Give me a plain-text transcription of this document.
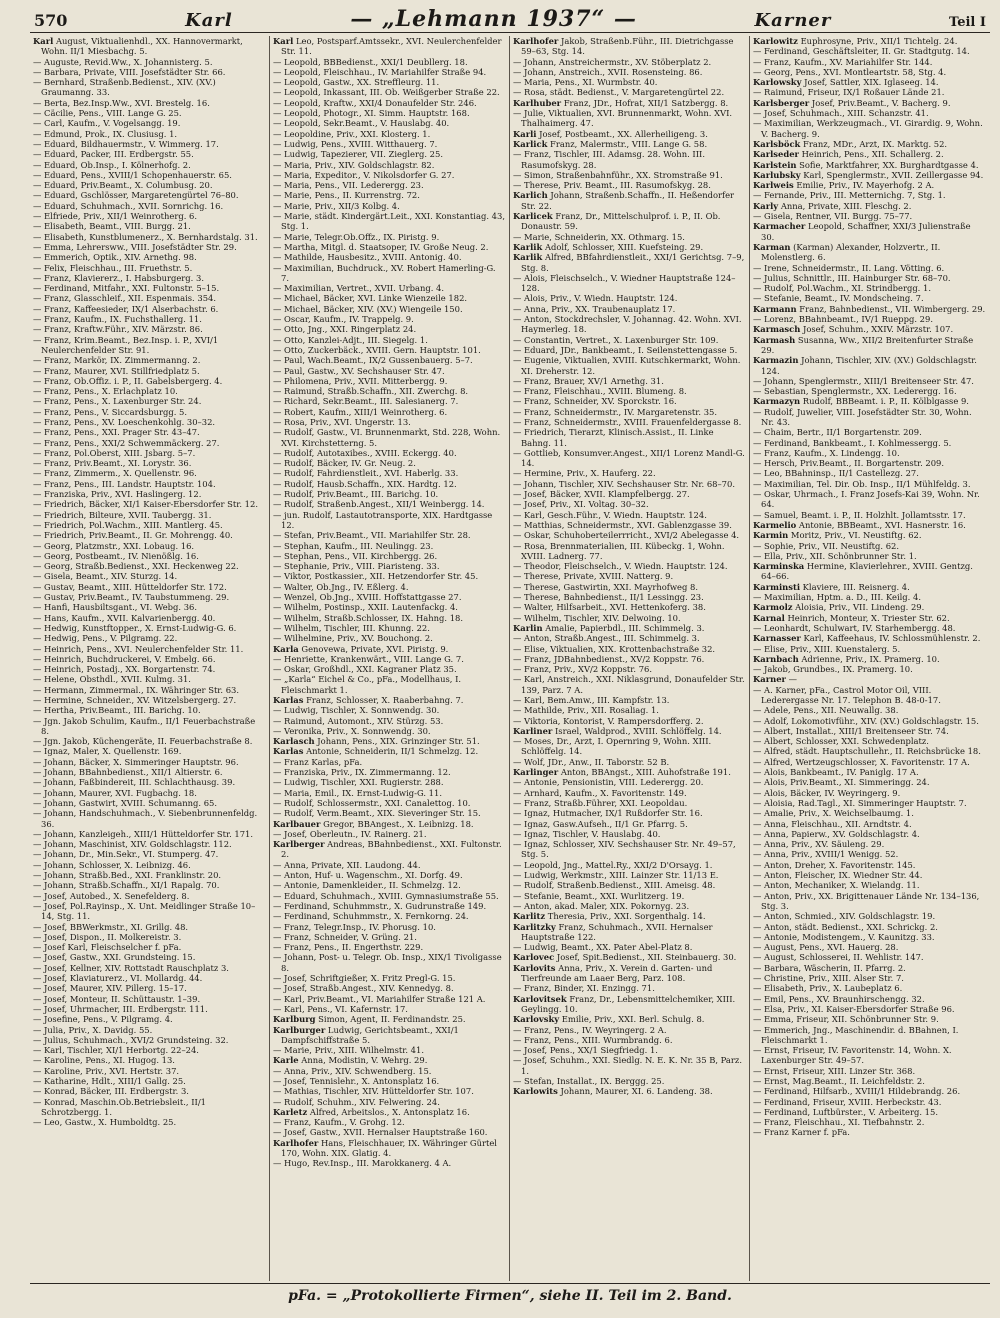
570	Karl	— „Lehmann 1937“ —	Karner	Teil I

Karl August, Viktualienhdl., XX. Hannovermarkt, Wohn. II/1 Miesbachg. 5.

— Auguste, Revid.Ww., X. Johannisterg. 5.

— Barbara, Private, VIII. Josefstädter Str. 66.

— Bernhard, Straßenb.Bedienst., XIV. (XV.) Graumanng. 33.

— Berta, Bez.Insp.Ww., XVI. Brestelg. 16.

— Cäcilie, Pens., VIII. Lange G. 25.

— Carl, Kaufm., V. Vogelsangg. 19.

— Edmund, Prok., IX. Clusiusg. 1.

— Eduard, Bildhauermstr., V. Wimmerg. 17.

— Eduard, Packer, III. Erdbergstr. 55.

— Eduard, Ob.Insp., I. Kölnerhofg. 2.

— Eduard, Pens., XVIII/1 Schopenhauerstr. 65.

— Eduard, Priv.Beamt., X. Columbusg. 20.

— Eduard, Gschlösser, Margaretengürtel 76–80.

— Eduard, Schuhmach., XVII. Sornrichg. 16.

— Elfriede, Priv., XII/1 Weinrotherg. 6.

— Elisabeth, Beamt., VIII. Burgg. 21.

— Elisabeth, Kunstblumenerz., X. Bernhardstalg. 31.

— Emma, Lehrersww., VIII. Josefstädter Str. 29.

— Emmerich, Optik., XIV. Arnethg. 98.

— Felix, Fleischhau., III. Fruethstr. 5.

— Franz, Klaviererz., I. Habsburgerg. 3.

— Ferdinand, Mitfahr., XXI. Fultonstr. 5–15.

— Franz, Glasschleif., XII. Espenmais. 354.

— Franz, Kaffeesieder, IX/1 Alserbachstr. 6.

— Franz, Kaufm., IX. Fuchsthallerg. 11.

— Franz, Kraftw.Führ., XIV. Märzstr. 86.

— Franz, Krim.Beamt., Bez.Insp. i. P., XVI/1 Neulerchenfelder Str. 91.

— Franz, Markör, IX. Zimmermanng. 2.

— Franz, Maurer, XVI. Stillfriedplatz 5.

— Franz, Ob.Offiz. i. P., II. Gabelsbergerg. 4.

— Franz, Pens., X. Erlachplatz 10.

— Franz, Pens., X. Laxenburger Str. 24.

— Franz, Pens., V. Siccardsburgg. 5.

— Franz, Pens., XV. Loeschenkohlg. 30–32.

— Franz, Pens., XXI. Prager Str. 43–47.

— Franz, Pens., XXI/2 Schwemmäckerg. 27.

— Franz, Pol.Oberst, XIII. Jsbarg. 5–7.

— Franz, Priv.Beamt., XI. Lorystr. 36.

— Franz, Zimmerm., X. Quellenstr. 96.

— Franz, Pens., III. Landstr. Hauptstr. 104.

— Franziska, Priv., XVI. Haslingerg. 12.

— Friedrich, Bäcker, XI/1 Kaiser-Ebersdorfer Str. 12.

— Friedrich, Bilteure, XVII. Taubergg. 31.

— Friedrich, Pol.Wachm., XIII. Mantlerg. 45.

— Friedrich, Priv.Beamt., II. Gr. Mohrengg. 40.

— Georg, Platzmstr., XXI. Lobaug. 16.

— Georg, Postbeamt., IV. Nienößlg. 16.

— Georg, Straßb.Bedienst., XXI. Heckenweg 22.

— Gisela, Beamt., XIV. Sturzg. 14.

— Gustav, Beamt., XIII. Hütteldorfer Str. 172.

— Gustav, Priv.Beamt., IV. Taubstummeng. 29.

— Hanfi, Hausbiltsgant., VI. Webg. 36.

— Hans, Kaufm., XVII. Kalvarienbergg. 40.

— Hedwig, Kunstftopper., X. Ernst-Ludwig-G. 6.

— Hedwig, Pens., V. Pilgramg. 22.

— Heinrich, Pens., XVI. Neulerchenfelder Str. 11.

— Heinrich, Buchdruckerei, V. Embelg. 66.

— Heinrich, Postadj., XX. Borgartenstr. 74.

— Helene, Obsthdl., XVII. Kulmg. 31.

— Hermann, Zimmermal., IX. Währinger Str. 63.

— Hermine, Schneider., XV. Witzelsbergerg. 27.

— Hertha, Priv.Beamt., III. Barichg. 10.

— Jgn. Jakob Schulim, Kaufm., II/1 Feuerbachstraße 8.

— Jgn. Jakob, Küchengeräte, II. Feuerbachstraße 8.

— Ignaz, Maler, X. Quellenstr. 169.

— Johann, Bäcker, X. Simmeringer Hauptstr. 96.

— Johann, BBahnbedienst., XII/1 Altierstr. 6.

— Johann, Faßbindereit, III. Schlachthausg. 39.

— Johann, Maurer, XVI. Fugbachg. 18.

— Johann, Gastwirt, XVIII. Schumanng. 65.

— Johann, Handschuhmach., V. Siebenbrunnenfeldg. 36.

— Johann, Kanzleigeh., XIII/1 Hütteldorfer Str. 171.

— Johann, Maschinist, XIV. Goldschlagstr. 112.

— Johann, Dr., Min.Sekr., VI. Stumperg. 47.

— Johann, Schlosser, X. Leibnizg. 46.

— Johann, Straßb.Bed., XXI. Franklinstr. 20.

— Johann, Straßb.Schaffn., XI/1 Rapalg. 70.

— Josef, Autobed., X. Senefelderg. 8.

— Josef, Pol.Rayinsp., X. Unt. Meidlinger Straße 10–14, Stg. 11.

— Josef, BBWerkmstr., XI. Grillg. 48.

— Josef, Dispon., II. Molkereistr. 3.

— Josef Karl, Fleischselcher f. pFa.

— Josef, Gastw., XXI. Grundsteing. 15.

— Josef, Kellner, XIV. Rottstadt Rauschplatz 3.

— Josef, Klaviaturerz., VI. Mollardg. 44.

— Josef, Maurer, XIV. Pillerg. 15–17.

— Josef, Monteur, II. Schüttaustr. 1–39.

— Josef, Uhrmacher, III. Erdbergstr. 111.

— Josefine, Pens., V. Pilgramg. 4.

— Julia, Priv., X. Davidg. 55.

— Julius, Schuhmach., XVI/2 Grundsteing. 32.

— Karl, Tischler, XI/1 Herbortg. 22–24.

— Karoline, Pens., XI. Hugog. 13.

— Karoline, Priv., XVI. Hertstr. 37.

— Katharine, Hdlt., XIII/1 Gallg. 25.

— Konrad, Bäcker, III. Erdbergstr. 3.

— Konrad, Maschin.Ob.Betriebsleit., II/1 Schrotzbergg. 1.

— Leo, Gastw., X. Humboldtg. 25.

Karl Leo, Postsparf.Amtssekr., XVI. Neulerchenfelder Str. 11.

— Leopold, BBBedienst., XXI/1 Deubllerg. 18.

— Leopold, Fleischhau., IV. Mariahilfer Straße 94.

— Leopold, Gastw., XX. Streffleurg. 11.

— Leopold, Inkassant, III. Ob. Weißgerber Straße 22.

— Leopold, Kraftw., XXI/4 Donaufelder Str. 246.

— Leopold, Photogr., XI. Simm. Hauptstr. 168.

— Leopold, Sekr.Beamt., V. Hauslabg. 40.

— Leopoldine, Priv., XXI. Klosterg. 1.

— Ludwig, Pens., XVIII. Witthauerg. 7.

— Ludwig, Tapezierer, VII. Zieglerg. 25.

— Maria, Priv., XIV. Goldschlagstr. 82.

— Maria, Expeditor., V. Nikolsdorfer G. 27.

— Maria, Pens., VII. Lederergg. 23.

— Marie, Pens., II. Kurrenstrg. 72.

— Marie, Priv., XII/3 Kolbg. 4.

— Marie, städt. Kindergärt.Leit., XXI. Konstantiag. 43, Stg. 1.

— Marie, Telegr.Ob.Offz., IX. Piristg. 9.

— Martha, Mitgl. d. Staatsoper, IV. Große Neug. 2.

— Mathilde, Hausbesitz., XVIII. Antonig. 40.

— Maximilian, Buchdruck., XV. Robert Hamerling-G. 7.

— Maximilian, Vertret., XVII. Urbang. 4.

— Michael, Bäcker, XVI. Linke Wienzeile 182.

— Michael, Bäcker, XIV. (XV.) Wiengeile 150.

— Oscar, Kaufm., IV. Trappelg. 9.

— Otto, Jng., XXI. Ringerplatz 24.

— Otto, Kanzlei-Adjt., III. Siegelg. 1.

— Otto, Zuckerbäck., XVIII. Gern. Hauptstr. 101.

— Paul, Wach.Beamt., IX/2 Gussenbauerg. 5–7.

— Paul, Gastw., XV. Sechshauser Str. 47.

— Philomena, Priv., XVII. Mitterbergg. 9.

— Raimund, Straßb.Schaffn., XII. Zwerchg. 8.

— Richard, Sekr.Beamt., III. Salesianerg. 7.

— Robert, Kaufm., XIII/1 Weinrotherg. 6.

— Rosa, Priv., XVI. Ungerstr. 13.

— Rudolf, Gastw., VI. Brunnenmarkt, Std. 228, Wohn. XVI. Kirchstetterng. 5.

— Rudolf, Autotaxibes., XVIII. Eckergg. 40.

— Rudolf, Bäcker, IV. Gr. Neug. 2.

— Rudolf, Fahrdienstleit., XVI. Haberlg. 33.

— Rudolf, Hausb.Schaffn., XIX. Hardtg. 12.

— Rudolf, Priv.Beamt., III. Barichg. 10.

— Rudolf, Straßenb.Angest., XII/1 Weinbergg. 14.

— jun. Rudolf, Lastautotransporte, XIX. Hardtgasse 12.

— Stefan, Priv.Beamt., VII. Mariahilfer Str. 28.

— Stephan, Kaufm., III. Neulingg. 23.

— Stephan, Pens., VII. Kirchbergg. 26.

— Stephanie, Priv., VIII. Piaristeng. 33.

— Viktor, Postkassier., XII. Hetzendorfer Str. 45.

— Walter, Ob.Jng., IV. Eßlerg. 4.

— Wenzel, Ob.Jng., XVIII. Hoffstattgasse 27.

— Wilhelm, Postinsp., XXII. Lautenfackg. 4.

— Wilhelm, Straßb.Schlosser, IX. Hahng. 18.

— Wilhelm, Tischler, III. Khunng. 22.

— Wilhelmine, Priv., XV. Bouchong. 2.

Karla Genovewa, Private, XVI. Piristg. 9.

— Henriette, Krankenwärt., VIII. Lange G. 7.

— Oskar, Großhdl., XXI. Kagraner Platz 35.

— „Karla“ Eichel & Co., pFa., Modellhaus, I. Fleischmarkt 1.

Karlas Franz, Schlosser, X. Raaberbahng. 7.

— Ludwig, Tischler, X. Sonnwendg. 30.

— Raimund, Automont., XIV. Stürzg. 53.

— Veronika, Priv., X. Sonnwendg. 30.

Karlasch Johann, Pens., XIX. Grinzinger Str. 51.

Karlas Antonie, Schneiderin, II/1 Schmelzg. 12.

— Franz Karlas, pFa.

— Franziska, Priv., IX. Zimmermanng. 12.

— Ludwig, Tischler, XXI. Rugierstr. 288.

— Maria, Emil., IX. Ernst-Ludwig-G. 11.

— Rudolf, Schlossermstr., XXI. Canalettog. 10.

— Rudolf, Verm.Beamt., XIX. Sieveringer Str. 15.

Karlbauer Gregor, BBAngest., X. Leibnizg. 18.

— Josef, Oberleutn., IV. Rainerg. 21.

Karlberger Andreas, BBahnbedienst., XXI. Fultonstr. 2.

— Anna, Private, XII. Laudong. 44.

— Anton, Huf- u. Wagenschm., XI. Dorfg. 49.

— Antonie, Damenkleider., II. Schmelzg. 12.

— Eduard, Schuhmach., XVIII. Gymnasiumstraße 55.

— Ferdinand, Schuhmmstr., X. Gudrunstraße 149.

— Ferdinand, Schuhmmstr., X. Fernkorng. 24.

— Franz, Telegr.Insp., IV. Phorusg. 10.

— Franz, Schneider, V. Grüng. 21.

— Franz, Pens., II. Engerthstr. 229.

— Johann, Post- u. Telegr. Ob. Insp., XIX/1 Tivoligasse 8.

— Josef, Schriftgießer, X. Fritz Pregl-G. 15.

— Josef, Straßb.Angest., XIV. Kennedyg. 8.

— Karl, Priv.Beamt., VI. Mariahilfer Straße 121 A.

— Karl, Pens., VI. Kafernstr. 17.

Karlburg Simon, Agent, II. Ferdinandstr. 25.

Karlburger Ludwig, Gerichtsbeamt., XXI/1 Dampfschiffstraße 5.

— Marie, Priv., XIII. Wilhelmstr. 41.

Karle Anna, Modistin, V. Wehrg. 29.

— Anna, Priv., XIV. Schwendberg. 15.

— Josef, Tennislehr., X. Antonsplatz 16.

— Mathias, Tischler, XIV. Hütteldorfer Str. 107.

— Rudolf, Schuhm., XIV. Felwering. 24.

Karletz Alfred, Arbeitslos., X. Antonsplatz 16.

— Franz, Kaufm., V. Grohg. 12.

— Josef, Gastw., XVII. Hernalser Hauptstraße 160.

Karlhofer Hans, Fleischhauer, IX. Währinger Gürtel 170, Wohn. XIX. Glatig. 4.

— Hugo, Rev.Insp., III. Marokkanerg. 4 A.

Karlhofer Jakob, Straßenb.Führ., III. Dietrichgasse 59–63, Stg. 14.

— Johann, Anstreichermstr., XV. Stöberplatz 2.

— Johann, Anstreich., XVII. Rosensteing. 86.

— Maria, Pens., XI. Wurmbstr. 40.

— Rosa, städt. Bedienst., V. Margaretengürtel 22.

Karlhuber Franz, JDr., Hofrat, XII/1 Satzbergg. 8.

— Julie, Viktualien, XVI. Brunnenmarkt, Wohn. XVI. Thalhaimerg. 47.

Karli Josef, Postbeamt., XX. Allerheiligeng. 3.

Karlick Franz, Malermstr., VIII. Lange G. 58.

— Franz, Tischler, III. Adamsg. 28. Wohn. III. Rasumofskyg. 28.

— Simon, Straßenbahnführ., XX. Stromstraße 91.

— Therese, Priv. Beamt., III. Rasumofskyg. 28.

Karlich Johann, Straßenb.Schaffn., II. Heßendorfer Str. 22.

Karlicek Franz, Dr., Mittelschulprof. i. P., II. Ob. Donaustr. 59.

— Marie, Schneiderin, XX. Othmarg. 15.

Karlik Adolf, Schlosser, XIII. Kuefsteing. 29.

Karlik Alfred, BBfahrdienstleit., XXI/1 Gerichtsg. 7–9, Stg. 8.

— Alois, Fleischselch., V. Wiedner Hauptstraße 124–128.

— Alois, Priv., V. Wiedn. Hauptstr. 124.

— Anna, Priv., XX. Traubenauplatz 17.

— Anton, Stockdrechsler, V. Johannag. 42. Wohn. XVI. Haymerleg. 18.

— Constantin, Vertret., X. Laxenburger Str. 109.

— Eduard, JDr., Bankbeamt., I. Seilenstettengasse 5.

— Eugenie, Viktualien, XVIII. Kutschkermarkt, Wohn. XI. Dreherstr. 12.

— Franz, Brauer, XV/1 Arnethg. 31.

— Franz, Fleischhau., XVIII. Blumeng. 8.

— Franz, Schneider, XV. Sporckstr. 16.

— Franz, Schneidermstr., IV. Margaretenstr. 35.

— Franz, Schneidermstr., XVIII. Frauenfeldergasse 8.

— Friedrich, Tierarzt, Klinisch.Assist., II. Linke Bahng. 11.

— Gottlieb, Konsumver.Angest., XII/1 Lorenz Mandl-G. 14.

— Hermine, Priv., X. Hauferg. 22.

— Johann, Tischler, XIV. Sechshauser Str. Nr. 68–70.

— Josef, Bäcker, XVII. Klampfelbergg. 27.

— Josef, Priv., XI. Voltag. 30–32.

— Karl, Gesch.Führ., V. Wiedn. Hauptstr. 124.

— Matthias, Schneidermstr., XVI. Gablenzgasse 39.

— Oskar, Schuhoberteilerrricht., XVI/2 Abelegasse 4.

— Rosa, Brennmaterialien, III. Kübeckg. 1, Wohn. XVIII. Ladnerg. 77.

— Theodor, Fleischselch., V. Wiedn. Hauptstr. 124.

— Therese, Private, XVIII. Natterg. 9.

— Therese, Gastwirtin, XXI. Mayrhofweg 8.

— Therese, Bahnbedienst., II/1 Lessingg. 23.

— Walter, Hilfsarbeit., XVI. Hettenkoferg. 38.

— Wilhelm, Tischler, XIV. Delwoing. 10.

Karlin Amalie, Papierbdl., III. Schimmelg. 3.

— Anton, Straßb.Angest., III. Schimmelg. 3.

— Elise, Viktualien, XIX. Krottenbachstraße 32.

— Franz, JDBahnbedienst., XV/2 Koppstr. 76.

— Franz, Priv., XV/2 Koppstr. 76.

— Karl, Anstreich., XXI. Niklasgrund, Donaufelder Str. 139, Parz. 7 A.

— Karl, Bem.Amw., III. Kampfstr. 13.

— Mathilde, Priv., XII. Rosaliag. 1.

— Viktoria, Kontorist, V. Rampersdorfferg. 2.

Karliner Israel, Waldprod., XVIII. Schlöffelg. 14.

— Moses, Dr., Arzt, I. Opernring 9, Wohn. XIII. Schlöffelg. 14.

— Wolf, JDr., Anw., II. Taborstr. 52 B.

Karlinger Anton, BBAngst., XIII. Auhofstraße 191.

— Antonie, Pensionistin, VIII. Lederergg. 20.

— Arnhard, Kaufm., X. Favoritenstr. 149.

— Franz, Straßb.Führer, XXI. Leopoldau.

— Ignaz, Hutmacher, IX/1 Rußdorfer Str. 16.

— Ignaz, Gasw.Aufseh., II/1 Gr. Pfarrg. 5.

— Ignaz, Tischler, V. Hauslabg. 40.

— Ignaz, Schlosser, XIV. Sechshauser Str. Nr. 49–57, Stg. 5.

— Leopold, Jng., Mattel.Ry., XXI/2 D'Orsayg. 1.

— Ludwig, Werkmstr., XIII. Lainzer Str. 11/13 E.

— Rudolf, Straßenb.Bedienst., XIII. Ameisg. 48.

— Stefanie, Beamt., XXI. Wurlitzerg. 19.

— Anton, akad. Maler, XIX. Pokornyg. 23.

Karlitz Theresia, Priv., XXI. Sorgenthalg. 14.

Karlitzky Franz, Schuhmach., XVII. Hernalser Hauptstraße 122.

— Ludwig, Beamt., XX. Pater Abel-Platz 8.

Karlovec Josef, Spit.Bedienst., XII. Steinbauerg. 30.

Karlovits Anna, Priv., X. Verein d. Garten- und Tierfreunde am Laaer Berg, Parz. 108.

— Franz, Binder, XI. Enzingg. 71.

Karlovitsek Franz, Dr., Lebensmittelchemiker, XIII. Geylingg. 10.

Karlovsky Emilie, Priv., XXI. Berl. Schulg. 8.

— Franz, Pens., IV. Weyringerg. 2 A.

— Franz, Pens., XIII. Wurmbrandg. 6.

— Josef, Pens., XX/1 Siegfriedg. 1.

— Josef, Schuhm., XXI. Siedlg. N. E. K. Nr. 35 B, Parz. 1.

— Stefan, Installat., IX. Berggg. 25.

Karlowits Johann, Maurer, XI. 6. Landeng. 38.

Karlowitz Euphrosyne, Priv., XII/1 Tichtelg. 24.

— Ferdinand, Geschäftsleiter, II. Gr. Stadtgutg. 14.

— Franz, Kaufm., XV. Mariahilfer Str. 144.

— Georg, Pens., XVI. Montleartstr. 58, Stg. 4.

Karlowsky Josef, Sattler, XIX. Iglaseeg. 14.

— Raimund, Friseur, IX/1 Roßauer Lände 21.

Karlsberger Josef, Priv.Beamt., V. Bacherg. 9.

— Josef, Schuhmach., XIII. Schanzstr. 41.

— Maximilian, Werkzeugmach., VI. Girardig. 9, Wohn. V. Bacherg. 9.

Karlsböck Franz, MDr., Arzt, IX. Marktg. 52.

Karlseder Heinrich, Pens., XII. Schallerg. 2.

Karlstein Sofie, Marktfahrer, XX. Burghardtgasse 4.

Karlubsky Karl, Spenglermstr., XVII. Zeillergasse 94.

Karlweis Emilie, Priv., IV. Mayerhofg. 2 A.

— Fernande, Priv., III. Metternichg. 7, Stg. 1.

Karly Anna, Private, XIII. Fleschg. 2.

— Gisela, Rentner, VII. Burgg. 75–77.

Karmacher Leopold, Schaffner, XXI/3 Julienstraße 30.

Karman (Karman) Alexander, Holzvertr., II. Molenstlerg. 6.

— Irene, Schneidermstr., II. Lang. Vötting. 6.

— Julius, Schnittlr., III. Hainburger Str. 68–70.

— Rudolf, Pol.Wachm., XI. Strindbergg. 1.

— Stefanie, Beamt., IV. Mondscheing. 7.

Karmann Franz, Bahnbedienst., VII. Wimbergerg. 29.

— Lorenz, BBahnbeamt., IV/1 Rueppg. 29.

Karmasch Josef, Schuhm., XXIV. Märzstr. 107.

Karmash Susanna, Ww., XII/2 Breitenfurter Straße 29.

Karmazin Johann, Tischler, XIV. (XV.) Goldschlagstr. 124.

— Johann, Spenglermstr., XIII/1 Breitenseer Str. 47.

— Sebastian, Spenglermstr., XX. Lederergg. 16.

Karmazyn Rudolf, BBBeamt. i. P., II. Kölblgasse 9.

— Rudolf, Juwelier, VIII. Josefstädter Str. 30, Wohn. Nr. 43.

— Chaim, Bertr., II/1 Borgartenstr. 209.

— Ferdinand, Bankbeamt., I. Kohlmessergg. 5.

— Franz, Kaufm., X. Lindengg. 10.

— Hersch, Priv.Beamt., II. Borgartenstr. 209.

— Leo, BBahninsp., II/1 Castellezg. 27.

— Maximilian, Tel. Dir. Ob. Insp., II/1 Mühlfeldg. 3.

— Oskar, Uhrmach., I. Franz Josefs-Kai 39, Wohn. Nr. 64.

— Samuel, Beamt. i. P., II. Holzhlt. Jollamtsstr. 17.

Karmelio Antonie, BBBeamt., XVI. Hasnerstr. 16.

Karmin Moritz, Priv., VI. Neustiftg. 62.

— Sophie, Priv., VII. Neustiftg. 62.

— Ella, Priv., XII. Schönbrunner Str. 1.

Karminska Hermine, Klavierlehrer., XVIII. Gentzg. 64–66.

Karminsti Klaviere, III. Reisnerg. 4.

— Maximilian, Hptm. a. D., III. Keilg. 4.

Karmolz Aloisia, Priv., VII. Lindeng. 29.

Karnal Heinrich, Monteur, X. Triester Str. 62.

— Leonhardt, Schulwart, IV. Starhembergg. 48.

Karnasser Karl, Kaffeehaus, IV. Schlossmühlenstr. 2.

— Elise, Priv., XIII. Kuenstalerg. 5.

Karnbach Adrienne, Priv., IX. Pramerg. 10.

— Jakob, Grundbes., IX. Pramerg. 10.

Karner —

— A. Karner, pFa., Castrol Motor Oil, VIII. Lederergasse Nr. 17. Telephon B. 48-0-17.

— Adele, Pens., XII. Neuwallg. 38.

— Adolf, Lokomotivführ., XIV. (XV.) Goldschlagstr. 15.

— Albert, Installat., XIII/1 Breitenseer Str. 74.

— Albert, Schlosser, XXI. Schwedenplatz.

— Alfred, städt. Hauptschullehr., II. Reichsbrücke 18.

— Alfred, Wertzeugschlosser, X. Favoritenstr. 17 A.

— Alois, Bankbeamt., IV. Paniglg. 17 A.

— Alois, Priv.Beamt., XI. Simmeringg. 24.

— Alois, Bäcker, IV. Weyringerg. 9.

— Aloisia, Rad.Tagl., XI. Simmeringer Hauptstr. 7.

— Amalie, Priv., X. Weichselbaumg. 1.

— Anna, Fleischhau., XII. Arndtstr. 4.

— Anna, Papierw., XV. Goldschlagstr. 4.

— Anna, Priv., XV. Säuleng. 29.

— Anna, Priv., XVIII/1 Wenigg. 52.

— Anton, Dreher, X. Favoritenstr. 145.

— Anton, Fleischer, IX. Wiedner Str. 44.

— Anton, Mechaniker, X. Wielandg. 11.

— Anton, Priv., XX. Brigittenauer Lände Nr. 134–136, Stg. 3.

— Anton, Schmied., XIV. Goldschlagstr. 19.

— Anton, städt. Bedienst., XXI. Schrickg. 2.

— Antonie, Modistengem., V. Kaunitzg. 33.

— August, Pens., XVI. Hauerg. 28.

— August, Schlosserei, II. Wehlistr. 147.

— Barbara, Wäscherin, II. Pfarrg. 2.

— Christine, Priv., XIII. Alser Str. 7.

— Elisabeth, Priv., X. Laubeplatz 6.

— Emil, Pens., XV. Braunhirschengg. 32.

— Elsa, Priv., XI. Kaiser-Ebersdorfer Straße 96.

— Emma, Friseur, XII. Schönbrunner Str. 9.

— Emmerich, Jng., Maschinendir. d. BBahnen, I. Fleischmarkt 1.

— Ernst, Friseur, IV. Favoritenstr. 14, Wohn. X. Laxenburger Str. 49–57.

— Ernst, Friseur, XIII. Linzer Str. 368.

— Ernst, Mag.Beamt., II. Leichfeldstr. 2.

— Ferdinand, Hilfsarb., XVIII/1 Hildebrandg. 26.

— Ferdinand, Friseur, XVIII. Herbeckstr. 43.

— Ferdinand, Luftbürster., V. Arbeiterg. 15.

— Franz, Fleischhau., XI. Tiefbahnstr. 2.

— Franz Karner f. pFa.

pFa. = „Protokollierte Firmen“, siehe II. Teil im 2. Band.
